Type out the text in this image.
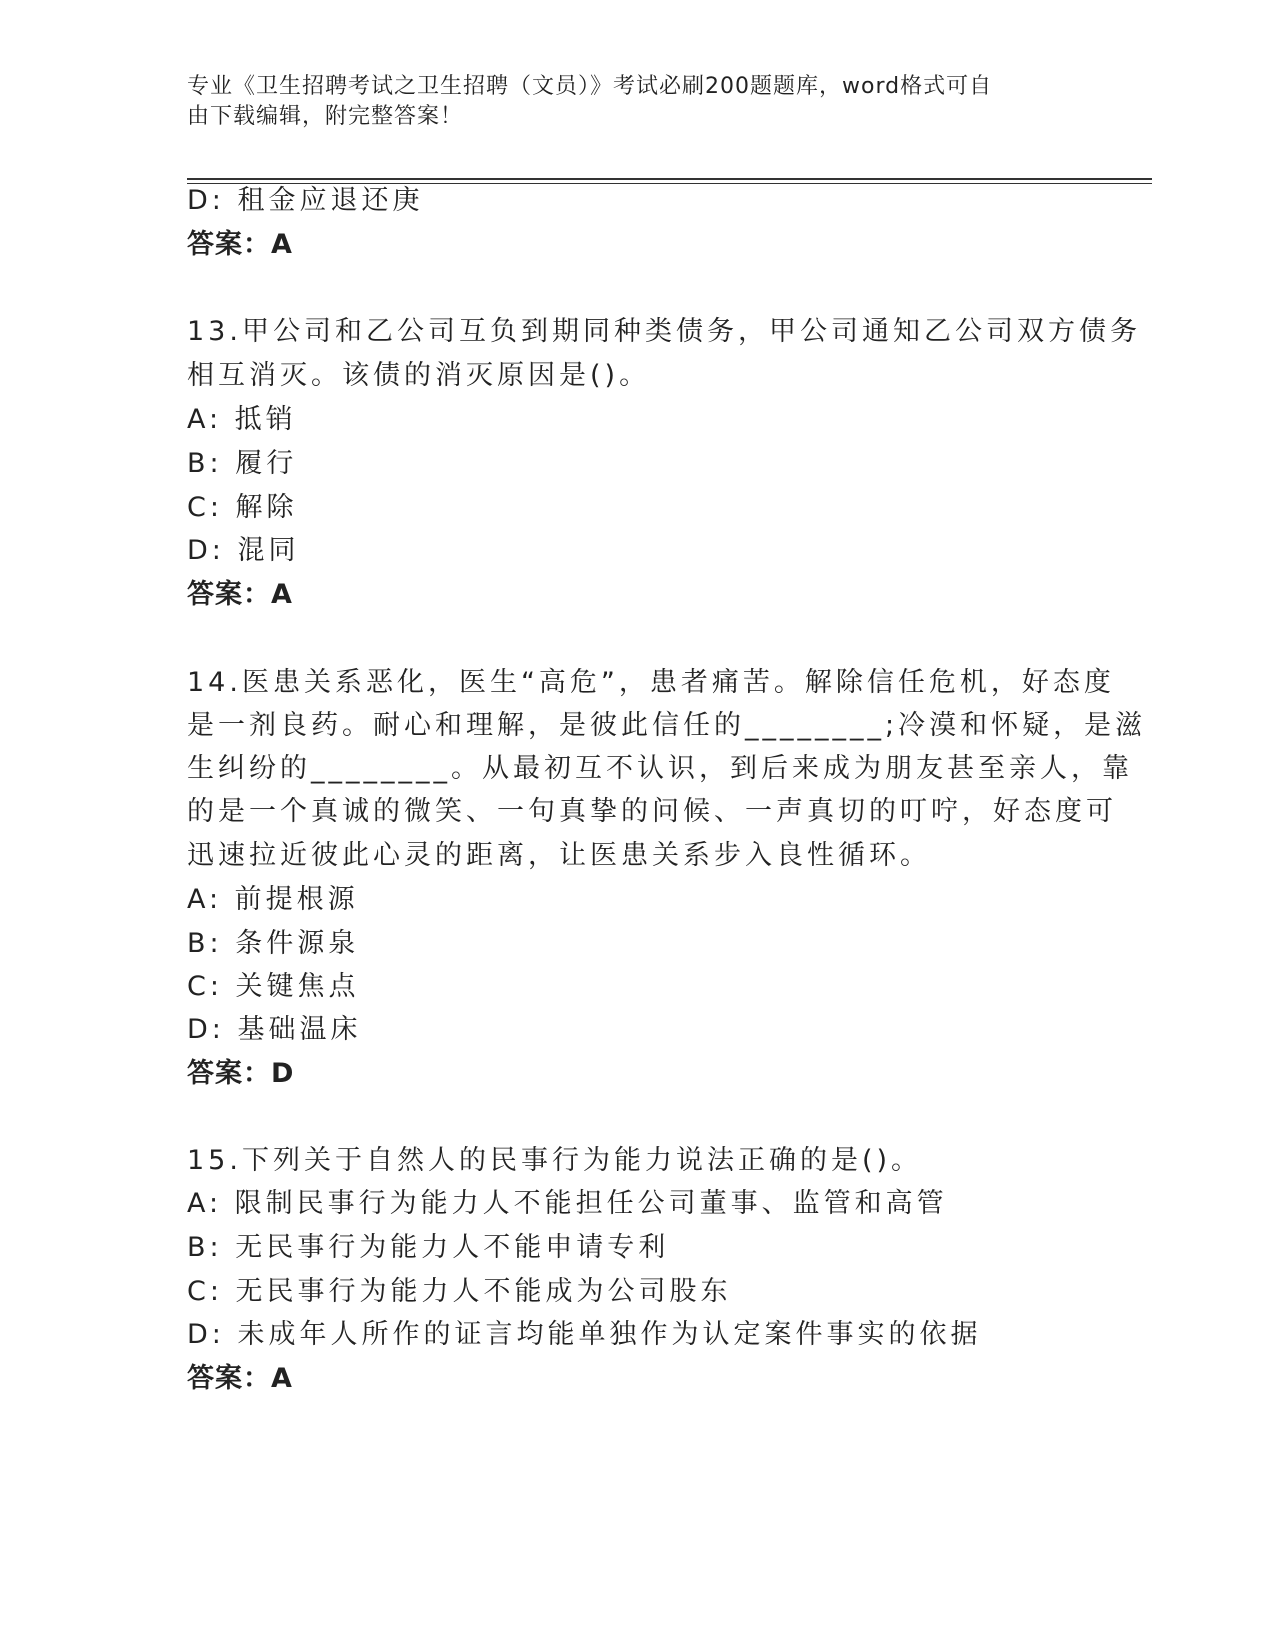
专业《卫生招聘考试之卫生招聘（文员）》考试必刷200题题库，word格式可自
由下载编辑，附完整答案！
D: 租金应退还庚
答案：A
13.甲公司和乙公司互负到期同种类债务，甲公司通知乙公司双方债务
相互消灭。该债的消灭原因是()。
A: 抵销
B: 履行
C: 解除
D: 混同
答案：A
14.医患关系恶化，医生“高危”，患者痛苦。解除信任危机，好态度
是一剂良药。耐心和理解，是彼此信任的________;冷漠和怀疑，是滋
生纠纷的________。从最初互不认识，到后来成为朋友甚至亲人，靠
的是一个真诚的微笑、一句真挚的问候、一声真切的叮咛，好态度可
迅速拉近彼此心灵的距离，让医患关系步入良性循环。
A: 前提根源
B: 条件源泉
C: 关键焦点
D: 基础温床
答案：D
15.下列关于自然人的民事行为能力说法正确的是()。
A: 限制民事行为能力人不能担任公司董事、监管和高管
B: 无民事行为能力人不能申请专利
C: 无民事行为能力人不能成为公司股东
D: 未成年人所作的证言均能单独作为认定案件事实的依据
答案：A
